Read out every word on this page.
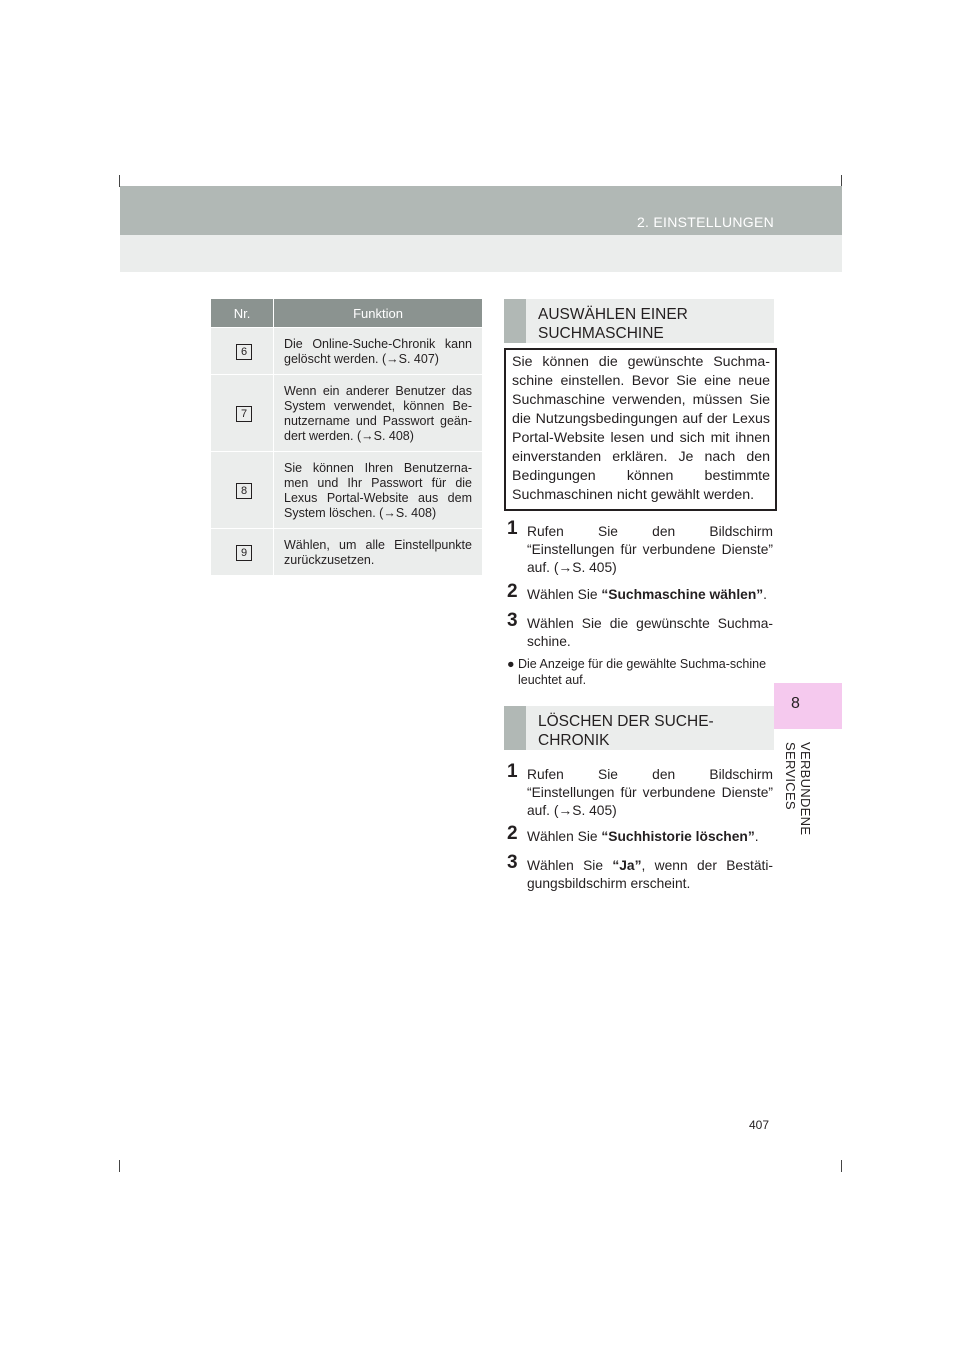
2. EINSTELLUNGEN
8
VERBUNDENE SERVICES
Nr.	Funktion
6
Die Online-Suche-Chronik kann gelöscht werden. (→S. 407)
7
Wenn ein anderer Benutzer das System verwendet, können Be-nutzername und Passwort geän-dert werden. (→S. 408)
8
Sie können Ihren Benutzerna-men und Ihr Passwort für die Lexus Portal-Website aus dem System löschen. (→S. 408)
9
Wählen, um alle Einstellpunkte zurückzusetzen.
AUSWÄHLEN EINER
SUCHMASCHINE
Sie können die gewünschte Suchma-schine einstellen. Bevor Sie eine neue Suchmaschine verwenden, müssen Sie die Nutzungsbedingungen auf der Lexus Portal-Website lesen und sich mit ihnen einverstanden erklären. Je nach den Bedingungen können bestimmte Suchmaschinen nicht gewählt werden.
1 Rufen Sie den Bildschirm “Einstellungen für verbundene Dienste” auf. (→S. 405)
2 Wählen Sie “Suchmaschine wählen”.
3 Wählen Sie die gewünschte Suchma-schine.
● Die Anzeige für die gewählte Suchma-schine leuchtet auf.
LÖSCHEN DER SUCHE-
CHRONIK
1 Rufen Sie den Bildschirm “Einstellungen für verbundene Dienste” auf. (→S. 405)
2 Wählen Sie “Suchhistorie löschen”.
3 Wählen Sie “Ja”, wenn der Bestäti-gungsbildschirm erscheint.
407
